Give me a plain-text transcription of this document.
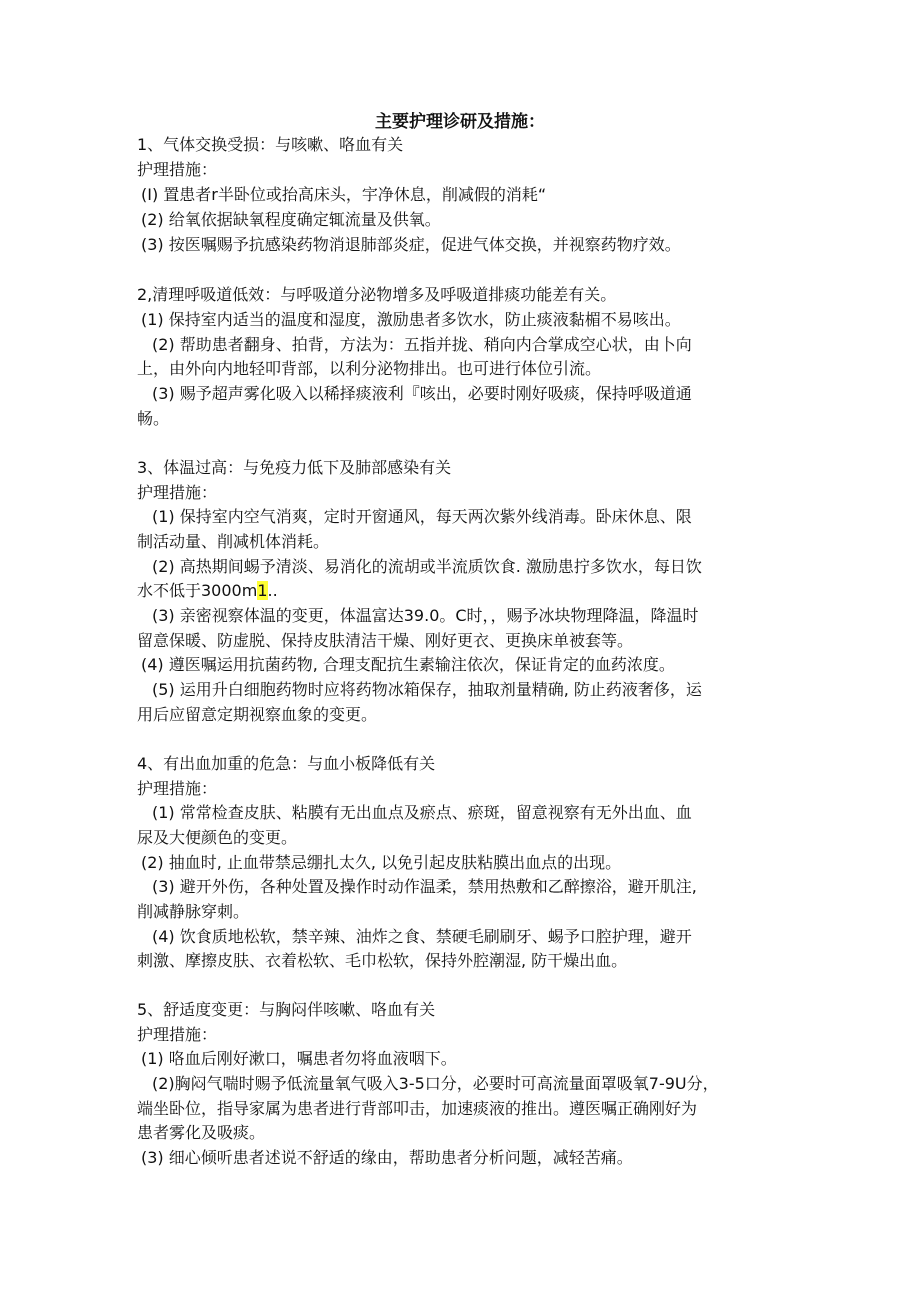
主要护理诊研及措施：
1、气体交换受损：与咳嗽、咯血有关
护理措施：
(I) 置患者r半卧位或抬高床头，宇净休息，削减假的消耗“
(2) 给氧依据缺氧程度确定辄流量及供氧。
(3) 按医嘱赐予抗感染药物消退肺部炎症，促进气体交换，并视察药物疗效。
2,清理呼吸道低效：与呼吸道分泌物增多及呼吸道排痰功能差有关。
(1) 保持室内适当的温度和湿度，激励患者多饮水，防止痰液黏楣不易咳出。
(2) 帮助患者翻身、拍背，方法为：五指并拢、稍向内合掌成空心状，由卜向
上，由外向内地轻叩背部，以利分泌物排出。也可进行体位引流。
(3) 赐予超声雾化吸入以稀择痰液利『咳出，必要时刚好吸痰，保持呼吸道通
畅。
3、体温过高：与免疫力低下及肺部感染有关
护理措施：
(1) 保持室内空气消爽，定时开窗通风，每天两次紫外线消毒。卧床休息、限
制活动量、削减机体消耗。
(2) 高热期间蜴予清淡、易消化的流胡或半流质饮食. 激励患拧多饮水，每日饮
水不低于3000m1..
(3) 亲密视察体温的变更，体温富达39.0。C时，，赐予冰块物理降温，降温时
留意保暖、防虚脱、保持皮肤清洁干燥、刚好更衣、更换床单被套等。
(4) 遵医嘱运用抗菌药物, 合理支配抗生素输注依次，保证肯定的血药浓度。
(5) 运用升白细胞药物时应将药物冰箱保存，抽取剂量精确, 防止药液奢侈，运
用后应留意定期视察血象的变更。
4、有出血加重的危急：与血小板降低有关
护理措施：
(1) 常常检查皮肤、粘膜有无出血点及瘀点、瘀斑，留意视察有无外出血、血
尿及大便颜色的变更。
(2) 抽血时, 止血带禁忌绷扎太久, 以免引起皮肤粘膜出血点的出现。
(3) 避开外伤，各种处置及操作时动作温柔，禁用热敷和乙醉擦浴，避开肌注,
削减静脉穿刺。
(4) 饮食质地松软，禁辛辣、油炸之食、禁硬毛刷刷牙、蜴予口腔护理，避开
刺激、摩擦皮肤、衣着松软、毛巾松软，保持外腔潮湿, 防干燥出血。
5、舒适度变更：与胸闷伴咳嗽、咯血有关
护理措施：
(1) 咯血后刚好漱口，嘱患者勿将血液咽下。
(2)胸闷气喘时赐予低流量氧气吸入3-5口分，必要时可高流量面罩吸氧7-9U分，
端坐卧位，指导家属为患者进行背部叩击，加速痰液的推出。遵医嘱正确刚好为
患者雾化及吸痰。
(3) 细心倾听患者述说不舒适的缘由，帮助患者分析问题，减轻苦痛。
